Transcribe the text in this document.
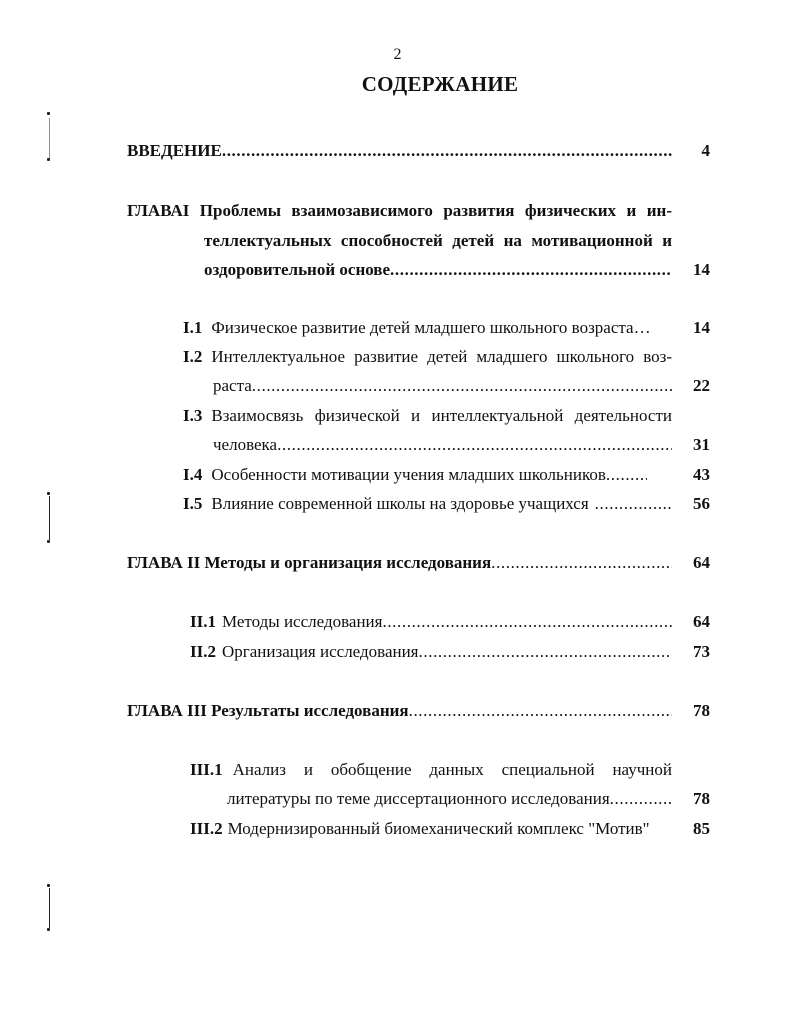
2
СОДЕРЖАНИЕ
ВВЕДЕНИЕ .....	4
ГЛАВАI Проблемы взаимозависимого развития физических и ин-
теллектуальных способностей детей на мотивационной и
оздоровительной основе .....	14
I.1 Физическое развитие детей младшего школьного возраста… 14
I.2 Интеллектуальное развитие детей младшего школьного воз-
раста .....	22
I.3 Взаимосвязь физической и интеллектуальной деятельности
человека .....	31
I.4 Особенности мотивации учения младших школьников .....	43
I.5 Влияние современной школы на здоровье учащихся .....	56
ГЛАВА II Методы и организация исследования .....	64
II.1 Методы исследования .....	64
II.2 Организация исследования .....	73
ГЛАВА III Результаты исследования .....	78
III.1 Анализ и обобщение данных специальной научной
литературы по теме диссертационного исследования .....	78
III.2 Модернизированный биомеханический комплекс "Мотив"	85
